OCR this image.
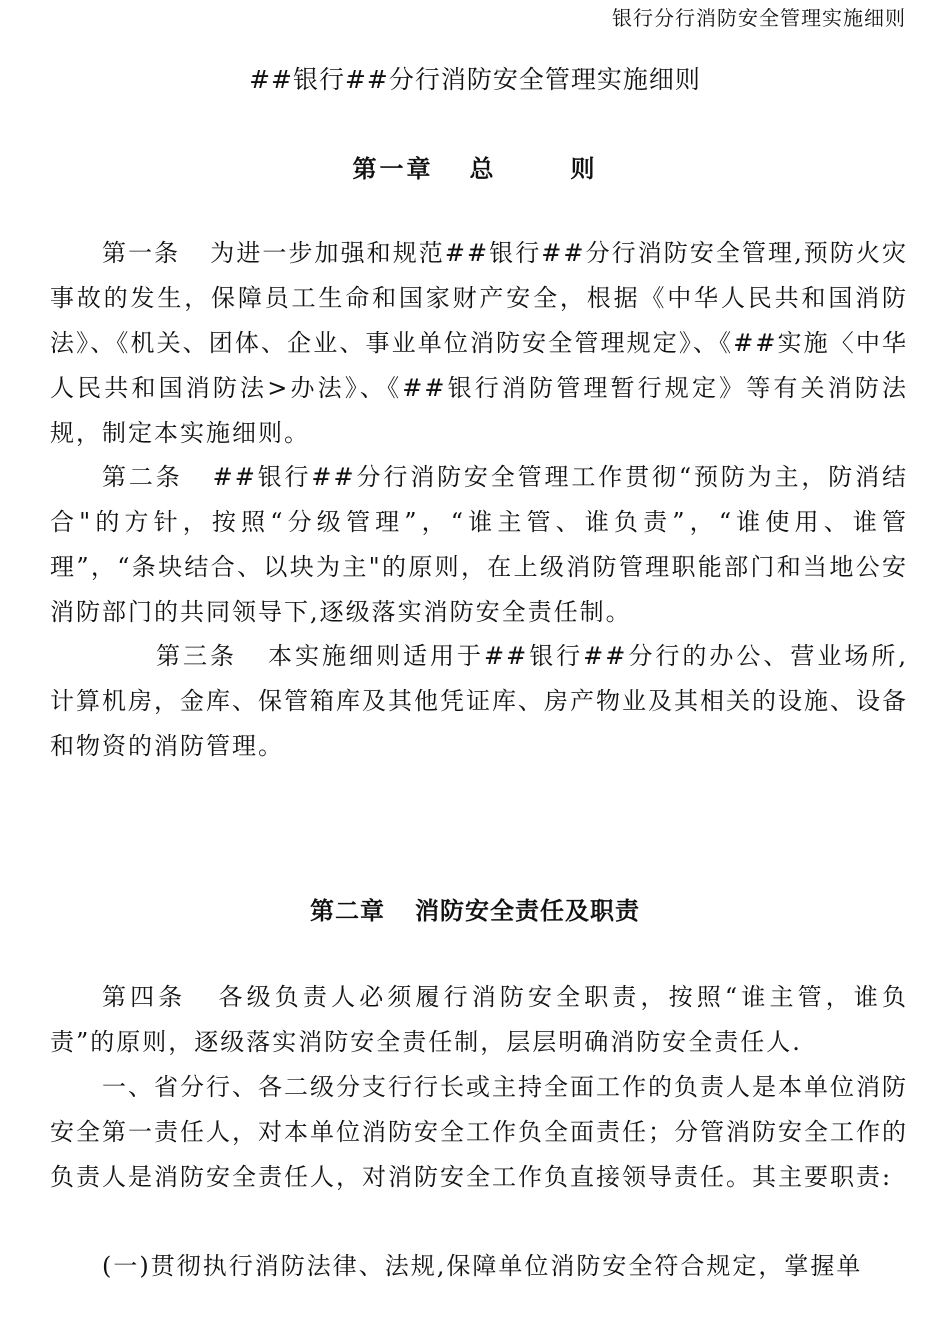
银行分行消防安全管理实施细则
##银行##分行消防安全管理实施细则
第一章 总	则

第一条 为进一步加强和规范##银行##分行消防安全管理,预防火灾事故的发生，保障员工生命和国家财产安全，根据《中华人民共和国消防法》、《机关、团体、企业、事业单位消防安全管理规定》、《##实施〈中华人民共和国消防法>办法》、《##银行消防管理暂行规定》等有关消防法规，制定本实施细则。

第二条 ##银行##分行消防安全管理工作贯彻“预防为主，防消结合"的方针，按照“分级管理”，“谁主管、谁负责”，“谁使用、谁管理”，“条块结合、以块为主"的原则，在上级消防管理职能部门和当地公安消防部门的共同领导下,逐级落实消防安全责任制。

第三条 本实施细则适用于##银行##分行的办公、营业场所,计算机房，金库、保管箱库及其他凭证库、房产物业及其相关的设施、设备和物资的消防管理。

第二章 消防安全责任及职责

第四条 各级负责人必须履行消防安全职责，按照“谁主管，谁负责”的原则，逐级落实消防安全责任制，层层明确消防安全责任人.

一、省分行、各二级分支行行长或主持全面工作的负责人是本单位消防安全第一责任人，对本单位消防安全工作负全面责任；分管消防安全工作的负责人是消防安全责任人，对消防安全工作负直接领导责任。其主要职责:

(一)贯彻执行消防法律、法规,保障单位消防安全符合规定，掌握单
